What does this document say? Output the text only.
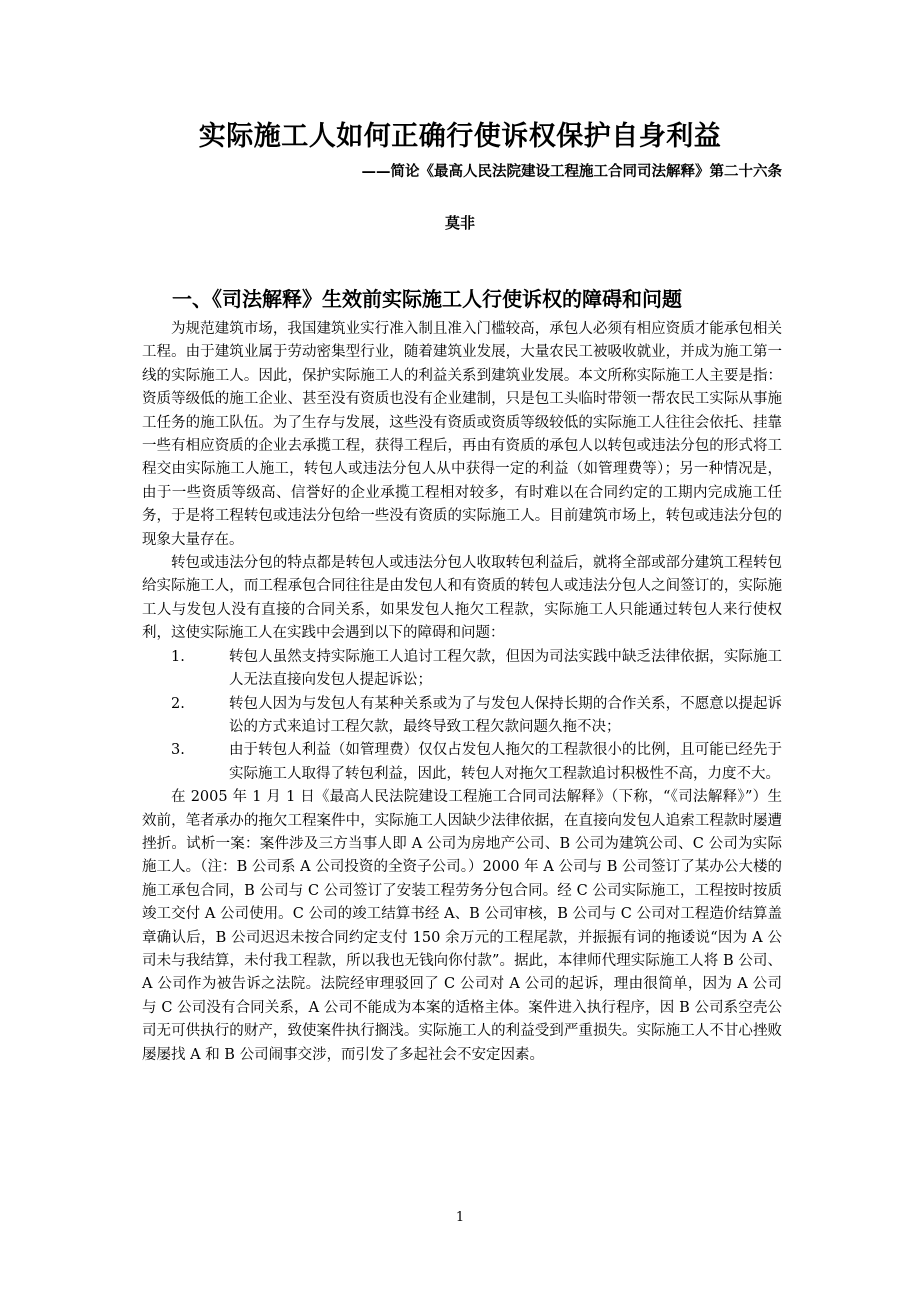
实际施工人如何正确行使诉权保护自身利益
——简论《最高人民法院建设工程施工合同司法解释》第二十六条
莫非
一、《司法解释》生效前实际施工人行使诉权的障碍和问题

为规范建筑市场，我国建筑业实行准入制且准入门槛较高，承包人必须有相应资质才能承包相关工程。由于建筑业属于劳动密集型行业，随着建筑业发展，大量农民工被吸收就业，并成为施工第一线的实际施工人。因此，保护实际施工人的利益关系到建筑业发展。本文所称实际施工人主要是指：资质等级低的施工企业、甚至没有资质也没有企业建制，只是包工头临时带领一帮农民工实际从事施工任务的施工队伍。为了生存与发展，这些没有资质或资质等级较低的实际施工人往往会依托、挂靠一些有相应资质的企业去承揽工程，获得工程后，再由有资质的承包人以转包或违法分包的形式将工程交由实际施工人施工，转包人或违法分包人从中获得一定的利益（如管理费等）；另一种情况是，由于一些资质等级高、信誉好的企业承揽工程相对较多，有时难以在合同约定的工期内完成施工任务，于是将工程转包或违法分包给一些没有资质的实际施工人。目前建筑市场上，转包或违法分包的现象大量存在。

转包或违法分包的特点都是转包人或违法分包人收取转包利益后，就将全部或部分建筑工程转包给实际施工人，而工程承包合同往往是由发包人和有资质的转包人或违法分包人之间签订的，实际施工人与发包人没有直接的合同关系，如果发包人拖欠工程款，实际施工人只能通过转包人来行使权利，这使实际施工人在实践中会遇到以下的障碍和问题：

1.	转包人虽然支持实际施工人追讨工程欠款，但因为司法实践中缺乏法律依据，实际施工人无法直接向发包人提起诉讼；
2.	转包人因为与发包人有某种关系或为了与发包人保持长期的合作关系，不愿意以提起诉讼的方式来追讨工程欠款，最终导致工程欠款问题久拖不决；
3.	由于转包人利益（如管理费）仅仅占发包人拖欠的工程款很小的比例，且可能已经先于实际施工人取得了转包利益，因此，转包人对拖欠工程款追讨积极性不高，力度不大。

在 2005 年 1 月 1 日《最高人民法院建设工程施工合同司法解释》（下称，“《司法解释》”）生效前，笔者承办的拖欠工程案件中，实际施工人因缺少法律依据，在直接向发包人追索工程款时屡遭挫折。试析一案：案件涉及三方当事人即 A 公司为房地产公司、B 公司为建筑公司、C 公司为实际施工人。（注：B 公司系 A 公司投资的全资子公司。）2000 年 A 公司与 B 公司签订了某办公大楼的施工承包合同，B 公司与 C 公司签订了安装工程劳务分包合同。经 C 公司实际施工，工程按时按质竣工交付 A 公司使用。C 公司的竣工结算书经 A、B 公司审核，B 公司与 C 公司对工程造价结算盖章确认后，B 公司迟迟未按合同约定支付 150 余万元的工程尾款，并振振有词的拖诿说“因为 A 公司未与我结算，未付我工程款，所以我也无钱向你付款”。据此，本律师代理实际施工人将 B 公司、A 公司作为被告诉之法院。法院经审理驳回了 C 公司对 A 公司的起诉，理由很简单，因为 A 公司与 C 公司没有合同关系，A 公司不能成为本案的适格主体。案件进入执行程序，因 B 公司系空壳公司无可供执行的财产，致使案件执行搁浅。实际施工人的利益受到严重损失。实际施工人不甘心挫败屡屡找 A 和 B 公司闹事交涉，而引发了多起社会不安定因素。

1
